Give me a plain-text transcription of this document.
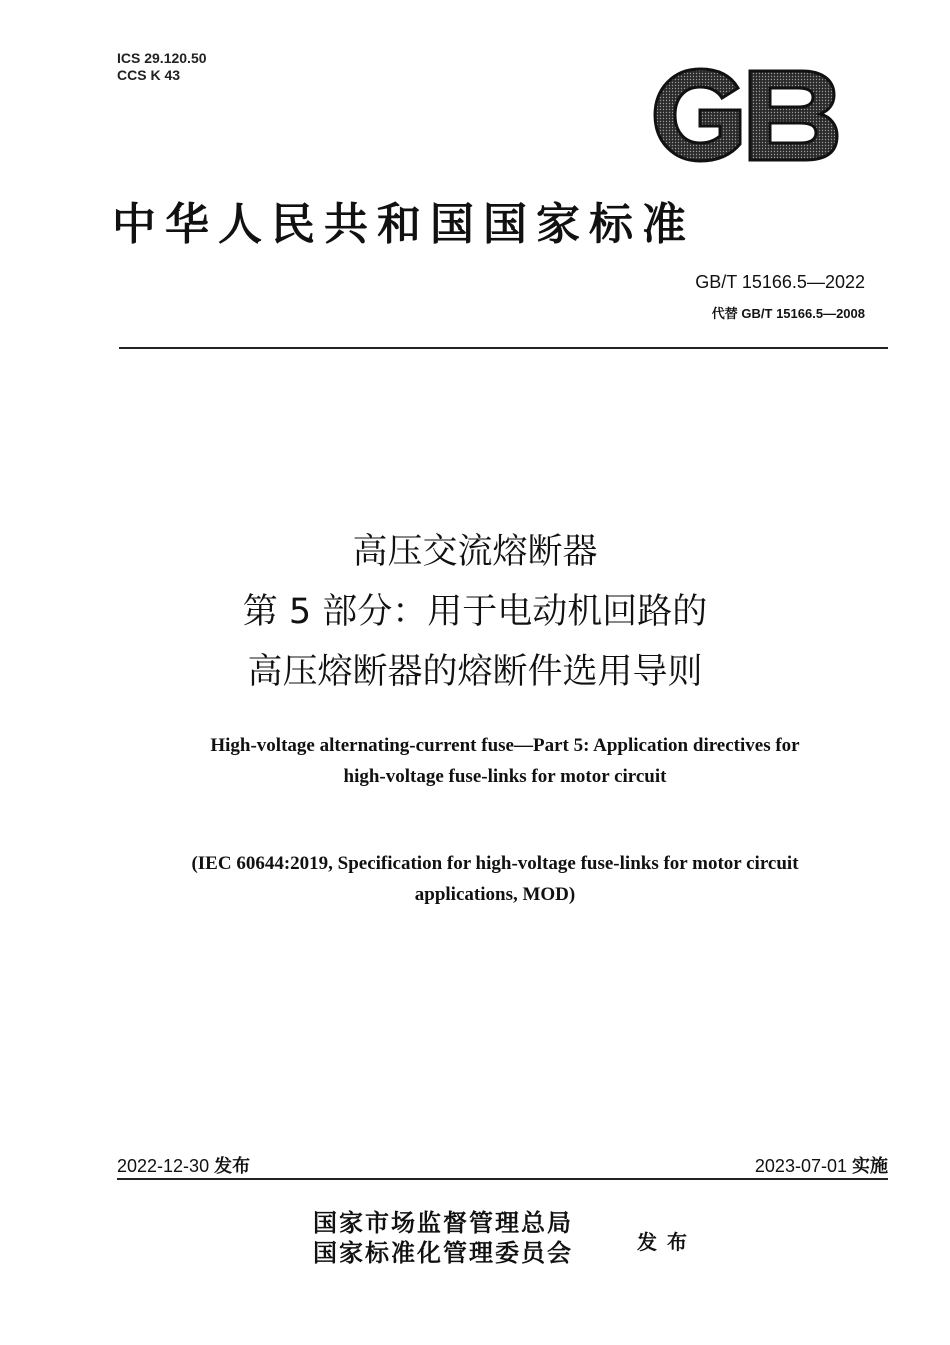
ICS 29.120.50
CCS K 43
中华人民共和国国家标准
GB/T 15166.5—2022
代替 GB/T 15166.5—2008
高压交流熔断器
第 5 部分：用于电动机回路的
高压熔断器的熔断件选用导则
High-voltage alternating-current fuse—Part 5: Application directives for
high-voltage fuse-links for motor circuit
(IEC 60644:2019, Specification for high-voltage fuse-links for motor circuit
applications, MOD)
2022-12-30 发布	2023-07-01 实施
国家市场监督管理总局
国家标准化管理委员会	发布
